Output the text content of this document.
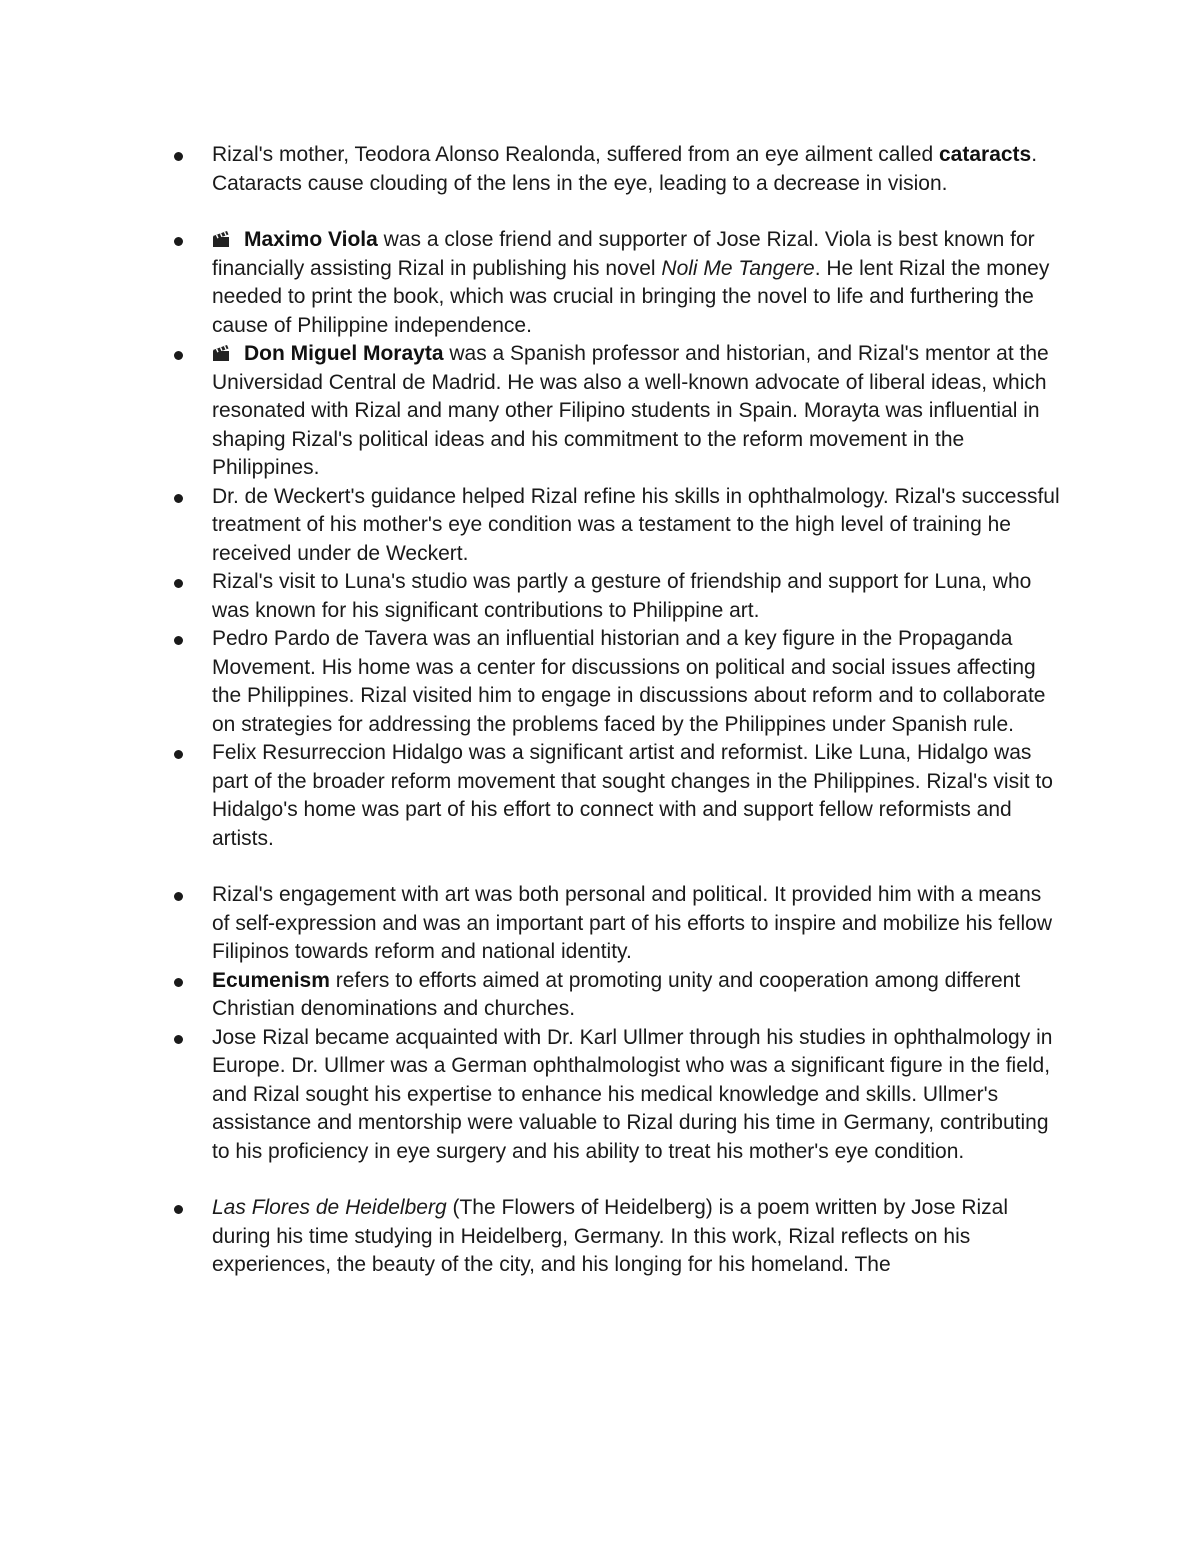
Rizal's mother, Teodora Alonso Realonda, suffered from an eye ailment called cataracts. Cataracts cause clouding of the lens in the eye, leading to a decrease in vision.
Maximo Viola was a close friend and supporter of Jose Rizal. Viola is best known for financially assisting Rizal in publishing his novel Noli Me Tangere. He lent Rizal the money needed to print the book, which was crucial in bringing the novel to life and furthering the cause of Philippine independence.
Don Miguel Morayta was a Spanish professor and historian, and Rizal's mentor at the Universidad Central de Madrid. He was also a well-known advocate of liberal ideas, which resonated with Rizal and many other Filipino students in Spain. Morayta was influential in shaping Rizal's political ideas and his commitment to the reform movement in the Philippines.
Dr. de Weckert's guidance helped Rizal refine his skills in ophthalmology. Rizal's successful treatment of his mother's eye condition was a testament to the high level of training he received under de Weckert.
Rizal's visit to Luna's studio was partly a gesture of friendship and support for Luna, who was known for his significant contributions to Philippine art.
Pedro Pardo de Tavera was an influential historian and a key figure in the Propaganda Movement. His home was a center for discussions on political and social issues affecting the Philippines. Rizal visited him to engage in discussions about reform and to collaborate on strategies for addressing the problems faced by the Philippines under Spanish rule.
Felix Resurreccion Hidalgo was a significant artist and reformist. Like Luna, Hidalgo was part of the broader reform movement that sought changes in the Philippines. Rizal's visit to Hidalgo's home was part of his effort to connect with and support fellow reformists and artists.
Rizal's engagement with art was both personal and political. It provided him with a means of self-expression and was an important part of his efforts to inspire and mobilize his fellow Filipinos towards reform and national identity.
Ecumenism refers to efforts aimed at promoting unity and cooperation among different Christian denominations and churches.
Jose Rizal became acquainted with Dr. Karl Ullmer through his studies in ophthalmology in Europe. Dr. Ullmer was a German ophthalmologist who was a significant figure in the field, and Rizal sought his expertise to enhance his medical knowledge and skills. Ullmer's assistance and mentorship were valuable to Rizal during his time in Germany, contributing to his proficiency in eye surgery and his ability to treat his mother's eye condition.
Las Flores de Heidelberg (The Flowers of Heidelberg) is a poem written by Jose Rizal during his time studying in Heidelberg, Germany. In this work, Rizal reflects on his experiences, the beauty of the city, and his longing for his homeland. The
